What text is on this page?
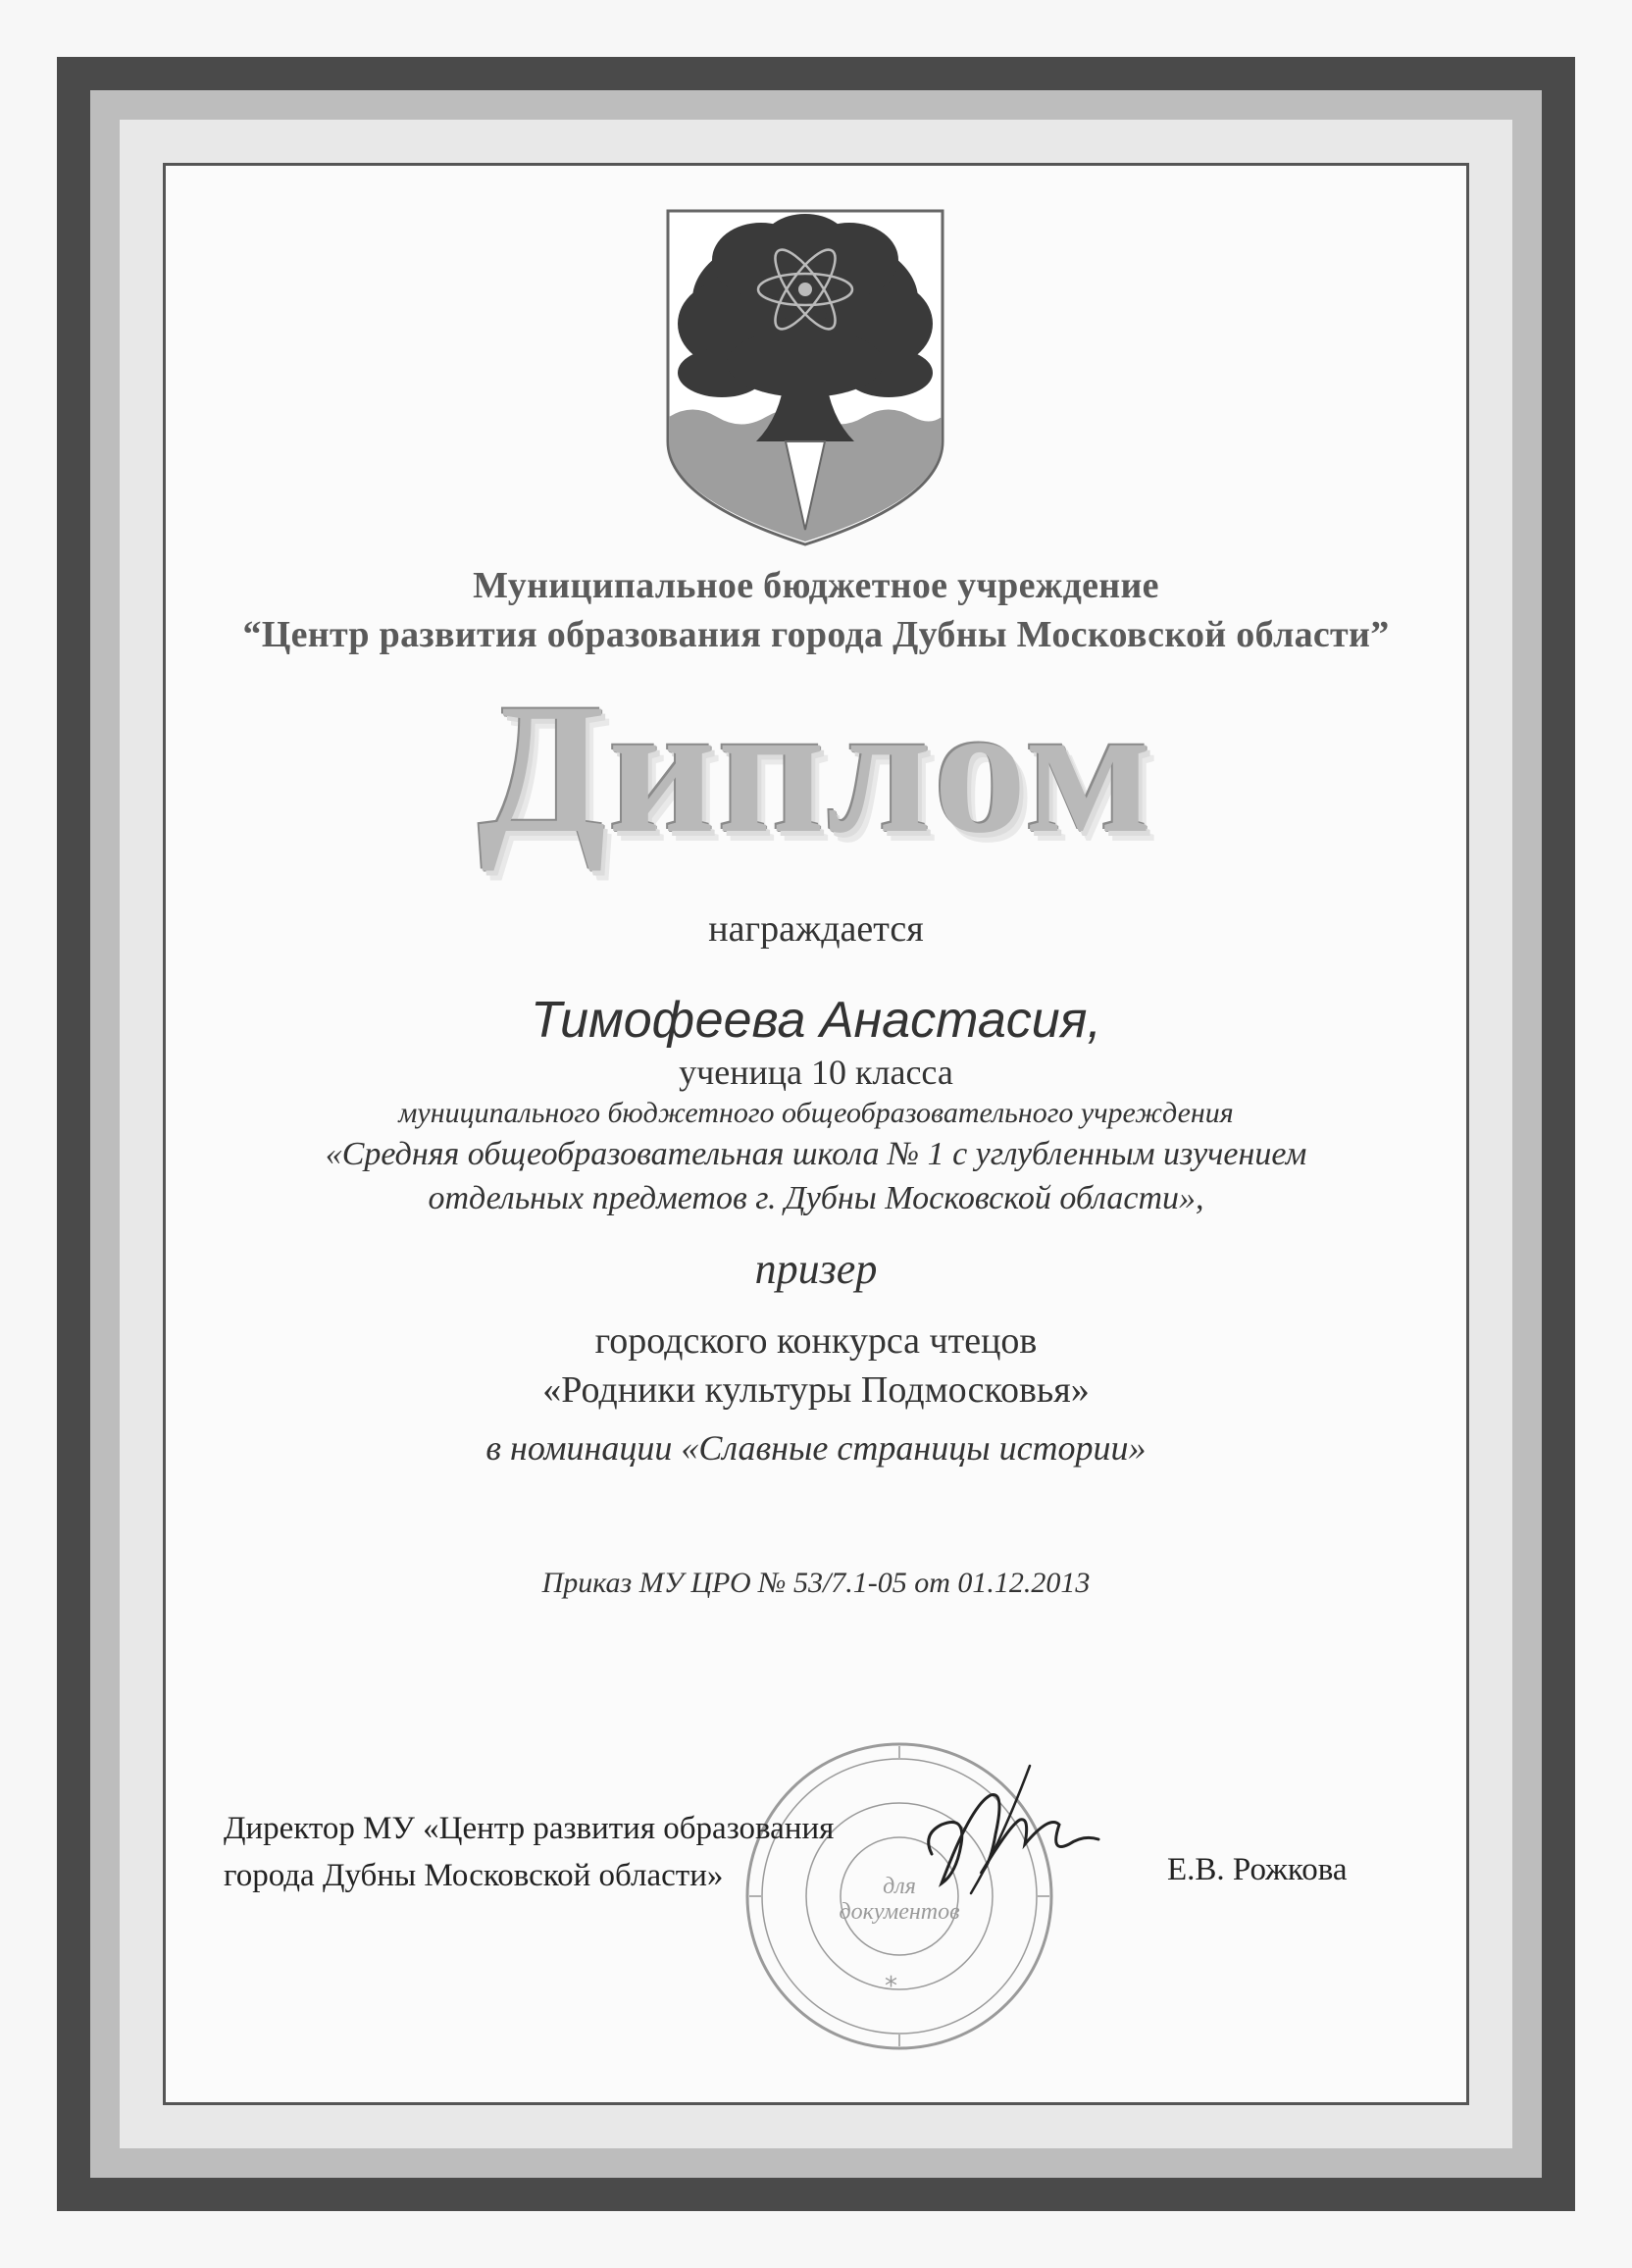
Муниципальное бюджетное учреждение
“Центр развития образования города Дубны Московской области”
Диплом
награждается
Тимофеева Анастасия,
ученица 10 класса
муниципального бюджетного общеобразовательного учреждения
«Средняя общеобразовательная школа № 1 с углубленным изучением
отдельных предметов г. Дубны Московской области»,
призер
городского конкурса чтецов
«Родники культуры Подмосковья»
в номинации «Славные страницы истории»
Приказ МУ ЦРО № 53/7.1-05 от 01.12.2013
*
для
документов
Директор МУ «Центр развития образования
города Дубны Московской области»	Е.В. Рожкова
